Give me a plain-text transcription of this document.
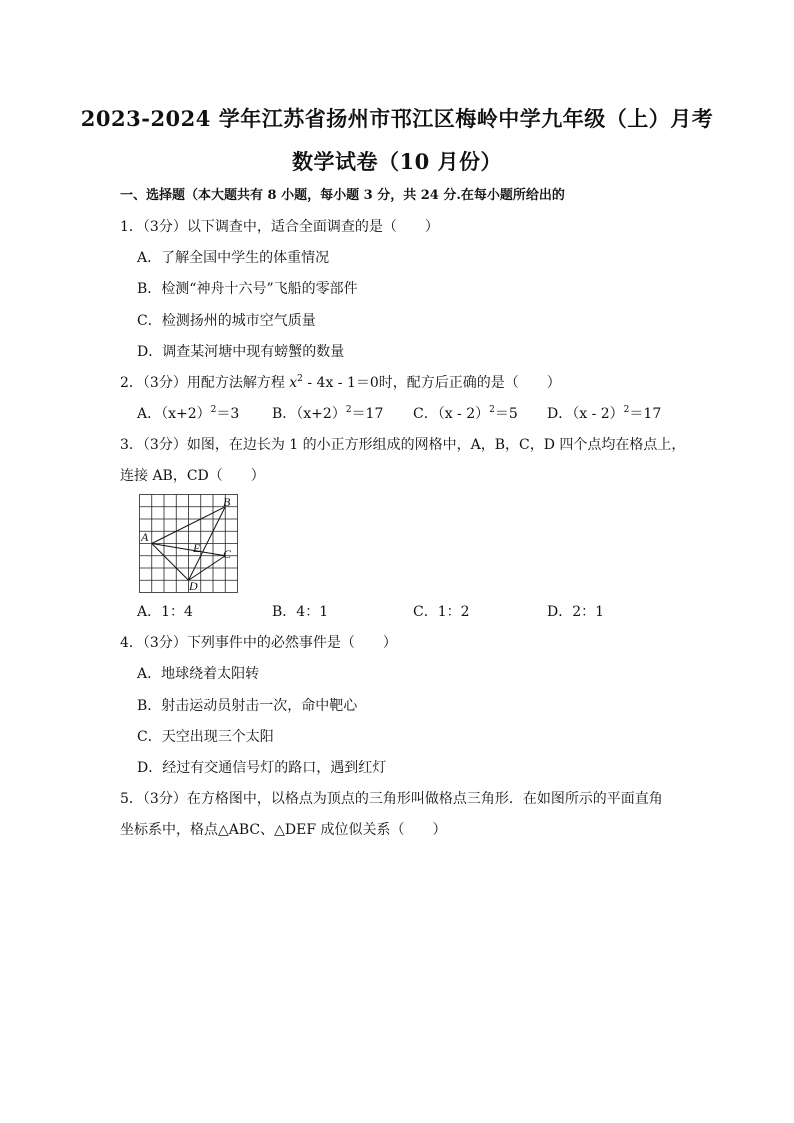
2023-2024 学年江苏省扬州市邗江区梅岭中学九年级（上）月考
数学试卷（10 月份）
一、选择题（本大题共有 8 小题，每小题 3 分，共 24 分.在每小题所给出的
1．（3分）以下调查中，适合全面调查的是（　　）
A．了解全国中学生的体重情况
B．检测“神舟十六号”飞船的零部件
C．检测扬州的城市空气质量
D．调查某河塘中现有螃蟹的数量
2．（3分）用配方法解方程 $x^2 - 4x - 1=0$时，配方后正确的是（　　）
A．$(x+2)^2=3$ B．$(x+2)^2=17$ C．（x - 2）$^2$＝5 D．（x - 2）$^2$＝17
3．（3分）如图，在边长为 1 的小正方形组成的网格中，A，B，C，D 四个点均在格点上，
连接 AB，CD（　　）
B
A
E C
D
A．1：4	B．4：1	C．1：2	D．2：1
4．（3分）下列事件中的必然事件是（　　）
A．地球绕着太阳转
B．射击运动员射击一次，命中靶心
C．天空出现三个太阳
D．经过有交通信号灯的路口，遇到红灯
5．（3分）在方格图中，以格点为顶点的三角形叫做格点三角形．在如图所示的平面直角
坐标系中，格点△ABC、△DEF 成位似关系（　　）
